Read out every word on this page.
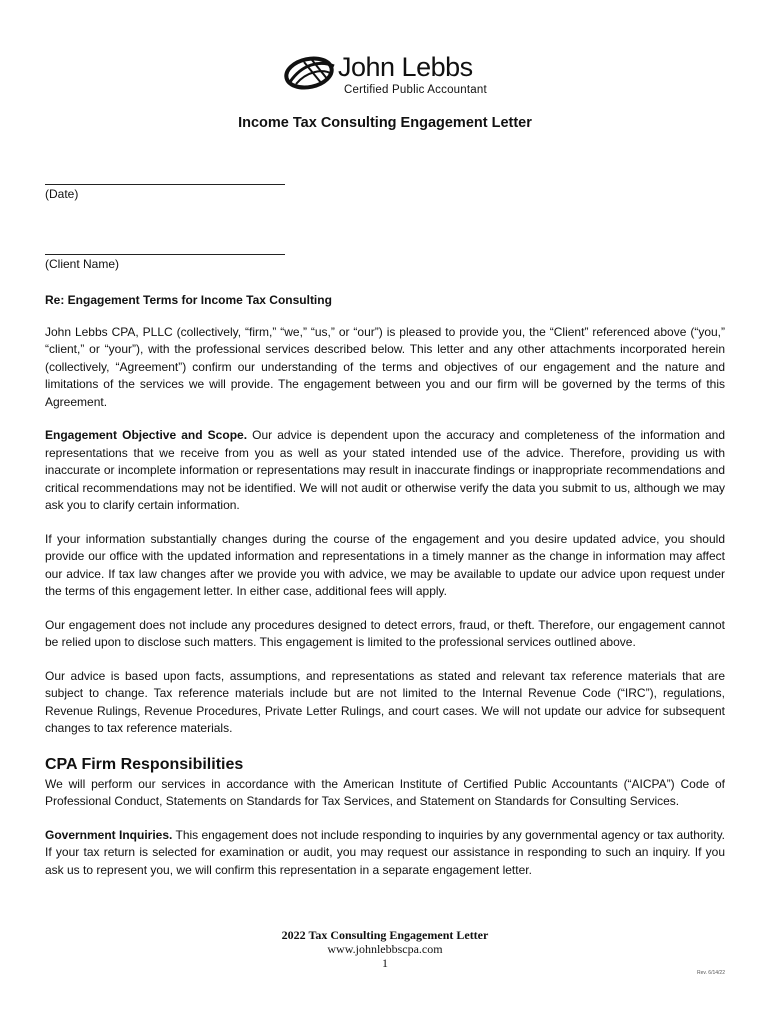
John Lebbs
Certified Public Accountant
Income Tax Consulting Engagement Letter
(Date)
(Client Name)

Re: Engagement Terms for Income Tax Consulting

John Lebbs CPA, PLLC (collectively, “firm,” “we,” “us,” or “our”) is pleased to provide you, the “Client” referenced above (“you,” “client,” or “your”), with the professional services described below. This letter and any other attachments incorporated herein (collectively, “Agreement”) confirm our understanding of the terms and objectives of our engagement and the nature and limitations of the services we will provide. The engagement between you and our firm will be governed by the terms of this Agreement.

Engagement Objective and Scope. Our advice is dependent upon the accuracy and completeness of the information and representations that we receive from you as well as your stated intended use of the advice. Therefore, providing us with inaccurate or incomplete information or representations may result in inaccurate findings or inappropriate recommendations and critical recommendations may not be identified. We will not audit or otherwise verify the data you submit to us, although we may ask you to clarify certain information.

If your information substantially changes during the course of the engagement and you desire updated advice, you should provide our office with the updated information and representations in a timely manner as the change in information may affect our advice. If tax law changes after we provide you with advice, we may be available to update our advice upon request under the terms of this engagement letter. In either case, additional fees will apply.

Our engagement does not include any procedures designed to detect errors, fraud, or theft. Therefore, our engagement cannot be relied upon to disclose such matters. This engagement is limited to the professional services outlined above.

Our advice is based upon facts, assumptions, and representations as stated and relevant tax reference materials that are subject to change. Tax reference materials include but are not limited to the Internal Revenue Code (“IRC”), regulations, Revenue Rulings, Revenue Procedures, Private Letter Rulings, and court cases. We will not update our advice for subsequent changes to tax reference materials.

CPA Firm Responsibilities

We will perform our services in accordance with the American Institute of Certified Public Accountants (“AICPA”) Code of Professional Conduct, Statements on Standards for Tax Services, and Statement on Standards for Consulting Services.

Government Inquiries. This engagement does not include responding to inquiries by any governmental agency or tax authority. If your tax return is selected for examination or audit, you may request our assistance in responding to such an inquiry. If you ask us to represent you, we will confirm this representation in a separate engagement letter.

2022 Tax Consulting Engagement Letter
www.johnlebbscpa.com
1
Rev. 6/14/22
